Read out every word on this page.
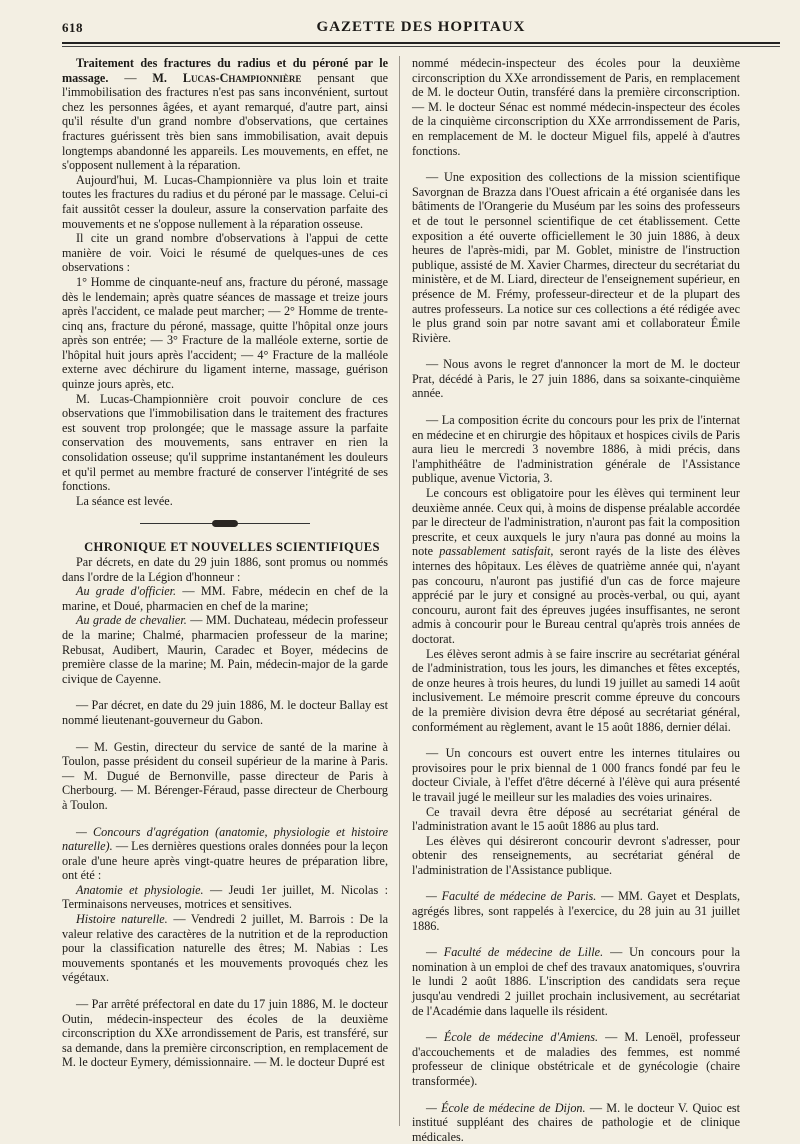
618	GAZETTE DES HOPITAUX

Traitement des fractures du radius et du péroné par le massage. — M. Lucas-Championnière pensant que l'immobilisation des fractures n'est pas sans inconvénient, surtout chez les personnes âgées, et ayant remarqué, d'autre part, ainsi qu'il résulte d'un grand nombre d'observations, que certaines fractures guérissent très bien sans immobilisation, avait depuis longtemps abandonné les appareils. Les mouvements, en effet, ne s'opposent nullement à la réparation.

Aujourd'hui, M. Lucas-Championnière va plus loin et traite toutes les fractures du radius et du péroné par le massage. Celui-ci fait aussitôt cesser la douleur, assure la conservation parfaite des mouvements et ne s'oppose nullement à la réparation osseuse.

Il cite un grand nombre d'observations à l'appui de cette manière de voir. Voici le résumé de quelques-unes de ces observations :

1° Homme de cinquante-neuf ans, fracture du péroné, massage dès le lendemain; après quatre séances de massage et treize jours après l'accident, ce malade peut marcher; — 2° Homme de trente-cinq ans, fracture du péroné, massage, quitte l'hôpital onze jours après son entrée; — 3° Fracture de la malléole externe, sortie de l'hôpital huit jours après l'accident; — 4° Fracture de la malléole externe avec déchirure du ligament interne, massage, guérison quinze jours après, etc.

M. Lucas-Championnière croit pouvoir conclure de ces observations que l'immobilisation dans le traitement des fractures est souvent trop prolongée; que le massage assure la parfaite conservation des mouvements, sans entraver en rien la consolidation osseuse; qu'il supprime instantanément les douleurs et qu'il permet au membre fracturé de conserver l'intégrité de ses fonctions.

La séance est levée.

CHRONIQUE ET NOUVELLES SCIENTIFIQUES

Par décrets, en date du 29 juin 1886, sont promus ou nommés dans l'ordre de la Légion d'honneur :

Au grade d'officier. — MM. Fabre, médecin en chef de la marine, et Doué, pharmacien en chef de la marine;

Au grade de chevalier. — MM. Duchateau, médecin professeur de la marine; Chalmé, pharmacien professeur de la marine; Rebusat, Audibert, Maurin, Caradec et Boyer, médecins de première classe de la marine; M. Pain, médecin-major de la garde civique de Cayenne.

— Par décret, en date du 29 juin 1886, M. le docteur Ballay est nommé lieutenant-gouverneur du Gabon.

— M. Gestin, directeur du service de santé de la marine à Toulon, passe président du conseil supérieur de la marine à Paris. — M. Dugué de Bernonville, passe directeur de Paris à Cherbourg. — M. Bérenger-Féraud, passe directeur de Cherbourg à Toulon.

— Concours d'agrégation (anatomie, physiologie et histoire naturelle). — Les dernières questions orales données pour la leçon orale d'une heure après vingt-quatre heures de préparation libre, ont été :

Anatomie et physiologie. — Jeudi 1er juillet, M. Nicolas : Terminaisons nerveuses, motrices et sensitives.

Histoire naturelle. — Vendredi 2 juillet, M. Barrois : De la valeur relative des caractères de la nutrition et de la reproduction pour la classification naturelle des êtres; M. Nabias : Les mouvements spontanés et les mouvements provoqués chez les végétaux.

— Par arrêté préfectoral en date du 17 juin 1886, M. le docteur Outin, médecin-inspecteur des écoles de la deuxième circonscription du XXe arrondissement de Paris, est transféré, sur sa demande, dans la première circonscription, en remplacement de M. le docteur Eymery, démissionnaire. — M. le docteur Dupré est

nommé médecin-inspecteur des écoles pour la deuxième circonscription du XXe arrondissement de Paris, en remplacement de M. le docteur Outin, transféré dans la première circonscription. — M. le docteur Sénac est nommé médecin-inspecteur des écoles de la cinquième circonscription du XXe arrrondissement de Paris, en remplacement de M. le docteur Miguel fils, appelé à d'autres fonctions.

— Une exposition des collections de la mission scientifique Savorgnan de Brazza dans l'Ouest africain a été organisée dans les bâtiments de l'Orangerie du Muséum par les soins des professeurs et de tout le personnel scientifique de cet établissement. Cette exposition a été ouverte officiellement le 30 juin 1886, à deux heures de l'après-midi, par M. Goblet, ministre de l'instruction publique, assisté de M. Xavier Charmes, directeur du secrétariat du ministère, et de M. Liard, directeur de l'enseignement supérieur, en présence de M. Frémy, professeur-directeur et de la plupart des autres professeurs. La notice sur ces collections a été rédigée avec le plus grand soin par notre savant ami et collaborateur Émile Rivière.

— Nous avons le regret d'annoncer la mort de M. le docteur Prat, décédé à Paris, le 27 juin 1886, dans sa soixante-cinquième année.

— La composition écrite du concours pour les prix de l'internat en médecine et en chirurgie des hôpitaux et hospices civils de Paris aura lieu le mercredi 3 novembre 1886, à midi précis, dans l'amphithéâtre de l'administration générale de l'Assistance publique, avenue Victoria, 3.

Le concours est obligatoire pour les élèves qui terminent leur deuxième année. Ceux qui, à moins de dispense préalable accordée par le directeur de l'administration, n'auront pas fait la composition prescrite, et ceux auxquels le jury n'aura pas donné au moins la note passablement satisfait, seront rayés de la liste des élèves internes des hôpitaux. Les élèves de quatrième année qui, n'ayant pas concouru, n'auront pas justifié d'un cas de force majeure apprécié par le jury et consigné au procès-verbal, ou qui, ayant concouru, auront fait des épreuves jugées insuffisantes, ne seront admis à concourir pour le Bureau central qu'après trois années de doctorat.

Les élèves seront admis à se faire inscrire au secrétariat général de l'administration, tous les jours, les dimanches et fêtes exceptés, de onze heures à trois heures, du lundi 19 juillet au samedi 14 août inclusivement. Le mémoire prescrit comme épreuve du concours de la première division devra être déposé au secrétariat général, conformément au règlement, avant le 15 août 1886, dernier délai.

— Un concours est ouvert entre les internes titulaires ou provisoires pour le prix biennal de 1 000 francs fondé par feu le docteur Civiale, à l'effet d'être décerné à l'élève qui aura présenté le travail jugé le meilleur sur les maladies des voies urinaires.

Ce travail devra être déposé au secrétariat général de l'administration avant le 15 août 1886 au plus tard.

Les élèves qui désireront concourir devront s'adresser, pour obtenir des renseignements, au secrétariat général de l'administration de l'Assistance publique.

— Faculté de médecine de Paris. — MM. Gayet et Desplats, agrégés libres, sont rappelés à l'exercice, du 28 juin au 31 juillet 1886.

— Faculté de médecine de Lille. — Un concours pour la nomination à un emploi de chef des travaux anatomiques, s'ouvrira le lundi 2 août 1886. L'inscription des candidats sera reçue jusqu'au vendredi 2 juillet prochain inclusivement, au secrétariat de l'Académie dans laquelle ils résident.

— École de médecine d'Amiens. — M. Lenoël, professeur d'accouchements et de maladies des femmes, est nommé professeur de clinique obstétricale et de gynécologie (chaire transformée).

— École de médecine de Dijon. — M. le docteur V. Quioc est institué suppléant des chaires de pathologie et de clinique médicales.
